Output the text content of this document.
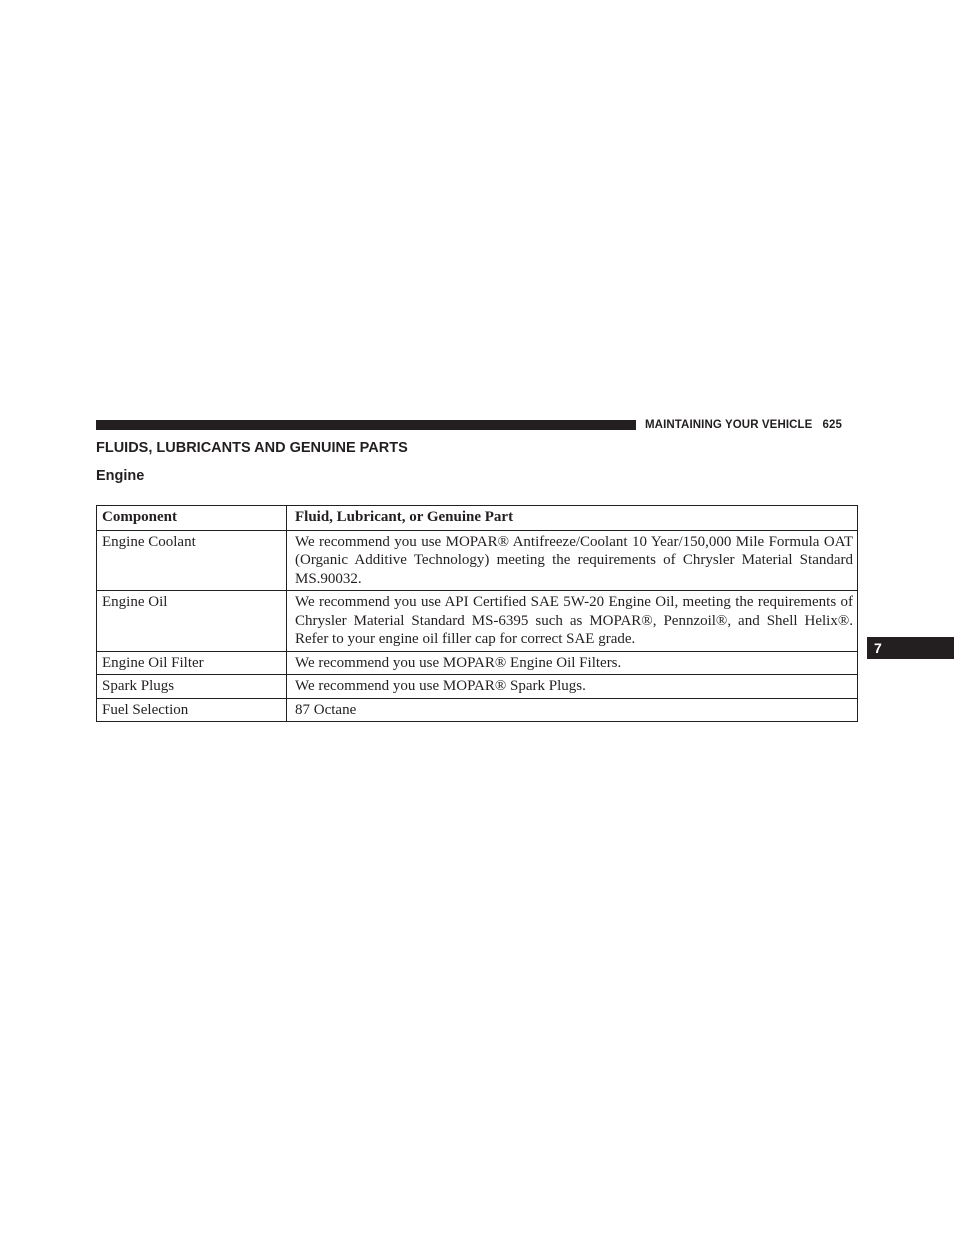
MAINTAINING YOUR VEHICLE 625
FLUIDS, LUBRICANTS AND GENUINE PARTS
Engine
Component	Fluid, Lubricant, or Genuine Part
Engine Coolant	We recommend you use MOPAR® Antifreeze/Coolant 10 Year/150,000 Mile Formula OAT (Organic Additive Technology) meeting the requirements of Chrysler Material Standard MS.90032.
Engine Oil	We recommend you use API Certified SAE 5W-20 Engine Oil, meeting the requirements of Chrysler Material Standard MS-6395 such as MOPAR®, Pennzoil®, and Shell Helix®. Refer to your engine oil filler cap for correct SAE grade.
Engine Oil Filter	We recommend you use MOPAR® Engine Oil Filters.
Spark Plugs	We recommend you use MOPAR® Spark Plugs.
Fuel Selection	87 Octane
7
